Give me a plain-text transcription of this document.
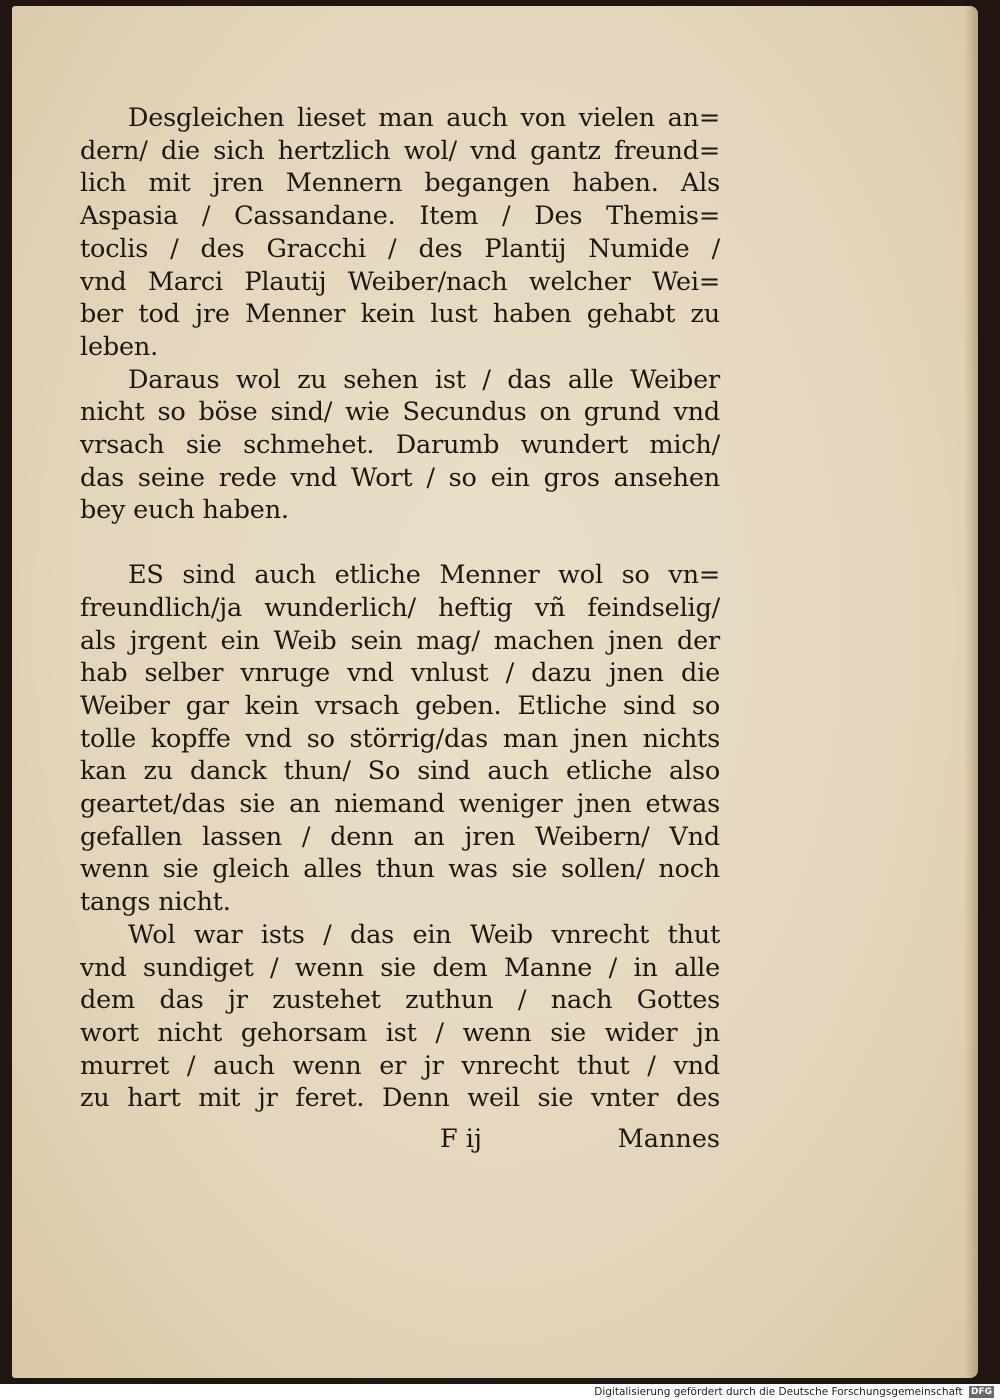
Desgleichen lieset man auch von vielen an=
dern/ die sich hertzlich wol/ vnd gantz freund=
lich mit jren Mennern begangen haben. Als
Aspasia / Cassandane. Item / Des Themis=
toclis / des Gracchi / des Plantij Numide /
vnd Marci Plautij Weiber/nach welcher Wei=
ber tod jre Menner kein lust haben gehabt zu
leben.
Daraus wol zu sehen ist / das alle Weiber
nicht so böse sind/ wie Secundus on grund vnd
vrsach sie schmehet. Darumb wundert mich/
das seine rede vnd Wort / so ein gros ansehen
bey euch haben.
ES sind auch etliche Menner wol so vn=
freundlich/ja wunderlich/ heftig vñ feindselig/
als jrgent ein Weib sein mag/ machen jnen der
hab selber vnruge vnd vnlust / dazu jnen die
Weiber gar kein vrsach geben. Etliche sind so
tolle kopffe vnd so störrig/das man jnen nichts
kan zu danck thun/ So sind auch etliche also
geartet/das sie an niemand weniger jnen etwas
gefallen lassen / denn an jren Weibern/ Vnd
wenn sie gleich alles thun was sie sollen/ noch
tangs nicht.
Wol war ists / das ein Weib vnrecht thut
vnd sundiget / wenn sie dem Manne / in alle
dem das jr zustehet zuthun / nach Gottes
wort nicht gehorsam ist / wenn sie wider jn
murret / auch wenn er jr vnrecht thut / vnd
zu hart mit jr feret. Denn weil sie vnter des
F ij	Mannes
Digitalisierung gefördert durch die Deutsche Forschungsgemeinschaft DFG
